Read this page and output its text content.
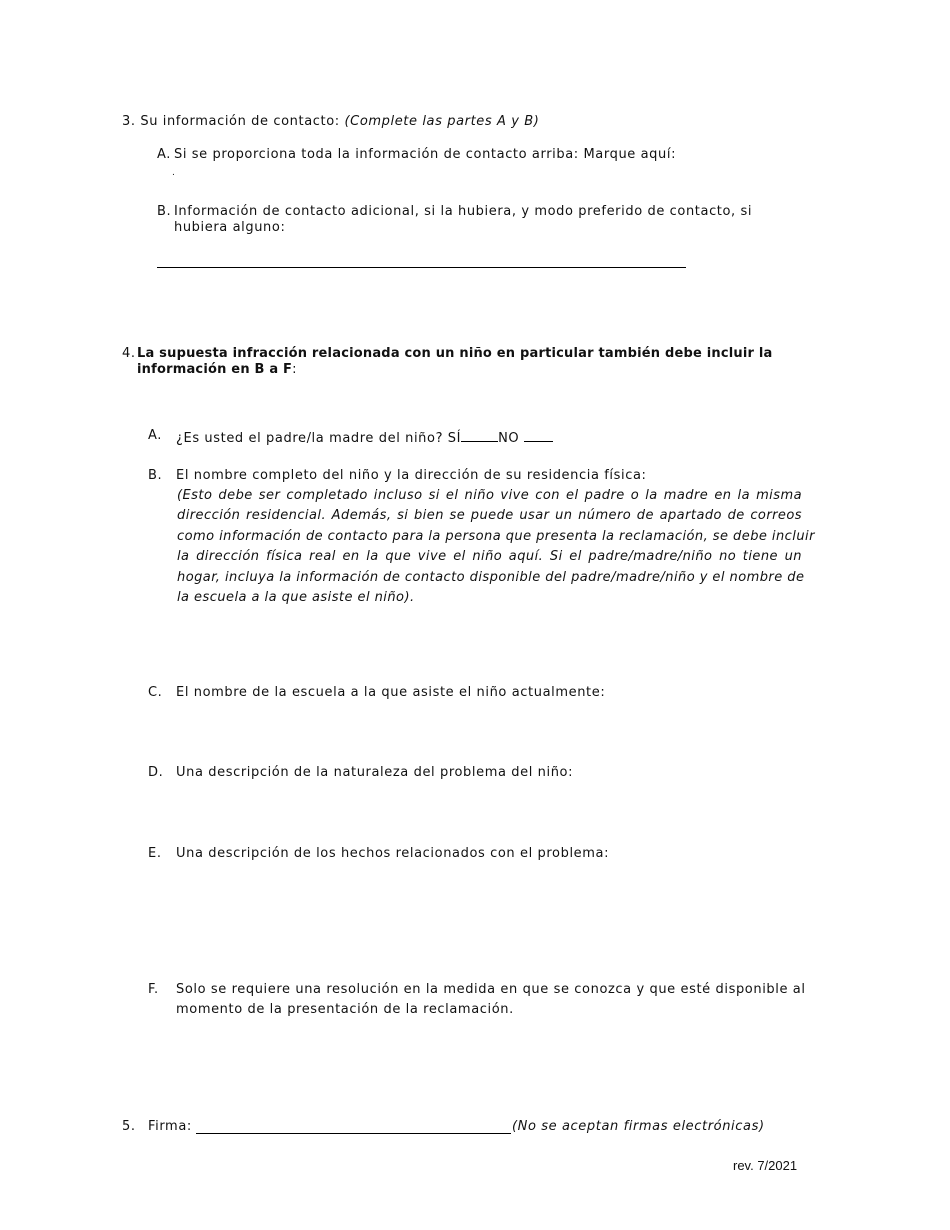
3. Su información de contacto: (Complete las partes A y B)
A. Si se proporciona toda la información de contacto arriba: Marque aquí:
.
B. Información de contacto adicional, si la hubiera, y modo preferido de contacto, si
hubiera alguno:
4. La supuesta infracción relacionada con un niño en particular también debe incluir la
información en B a F:
A. ¿Es usted el padre/la madre del niño? SÍ	NO
B. El nombre completo del niño y la dirección de su residencia física:
(Esto debe ser completado incluso si el niño vive con el padre o la madre en la misma
dirección residencial. Además, si bien se puede usar un número de apartado de correos
como información de contacto para la persona que presenta la reclamación, se debe incluir
la dirección física real en la que vive el niño aquí. Si el padre/madre/niño no tiene un
hogar, incluya la información de contacto disponible del padre/madre/niño y el nombre de
la escuela a la que asiste el niño).
C. El nombre de la escuela a la que asiste el niño actualmente:
D. Una descripción de la naturaleza del problema del niño:
E. Una descripción de los hechos relacionados con el problema:
F. Solo se requiere una resolución en la medida en que se conozca y que esté disponible al
momento de la presentación de la reclamación.
5. Firma:	(No se aceptan firmas electrónicas)
rev. 7/2021
